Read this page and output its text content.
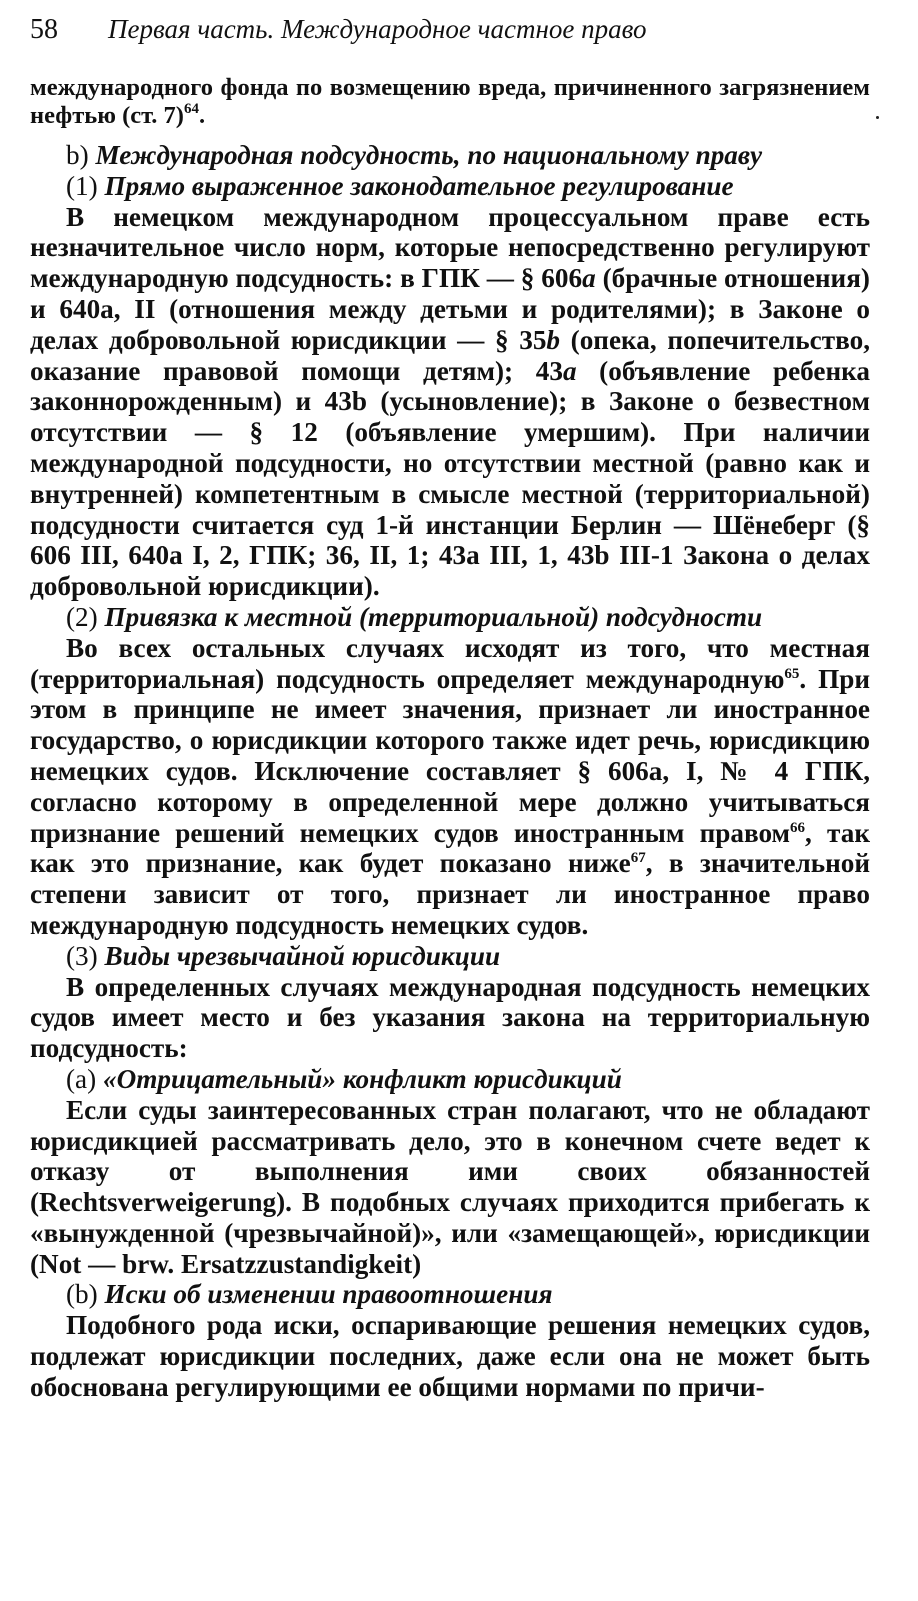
58	Первая часть. Международное частное право

международного фонда по возмещению вреда, причиненного загрязнением нефтью (ст. 7)$^{64}$.

b) Международная подсудность, по национальному праву

(1) Прямо выраженное законодательное регулирование

В немецком международном процессуальном праве есть незначительное число норм, которые непосредственно регулируют международную подсудность: в ГПК — § 606a (брачные отношения) и 640a, II (отношения между детьми и родителями); в Законе о делах добровольной юрисдикции — § 35b (опека, попечительство, оказание правовой помощи детям); 43a (объявление ребенка законнорожденным) и 43b (усыновление); в Законе о безвестном отсутствии — § 12 (объявление умершим). При наличии международной подсудности, но отсутствии местной (равно как и внутренней) компетентным в смысле местной (территориальной) подсудности считается суд 1-й инстанции Берлин — Шёнеберг (§ 606 III, 640a I, 2, ГПК; 36, II, 1; 43a III, 1, 43b III-1 Закона о делах добровольной юрисдикции).

(2) Привязка к местной (территориальной) подсудности

Во всех остальных случаях исходят из того, что местная (территориальная) подсудность определяет международную$^{65}$. При этом в принципе не имеет значения, признает ли иностранное государство, о юрисдикции которого также идет речь, юрисдикцию немецких судов. Исключение составляет § 606a, I, № 4 ГПК, согласно которому в определенной мере должно учитываться признание решений немецких судов иностранным правом$^{66}$, так как это признание, как будет показано ниже$^{67}$, в значительной степени зависит от того, признает ли иностранное право международную подсудность немецких судов.

(3) Виды чрезвычайной юрисдикции

В определенных случаях международная подсудность немецких судов имеет место и без указания закона на территориальную подсудность:

(a) «Отрицательный» конфликт юрисдикций

Если суды заинтересованных стран полагают, что не обладают юрисдикцией рассматривать дело, это в конечном счете ведет к отказу от выполнения ими своих обязанностей (Rechtsverweigerung). В подобных случаях приходится прибегать к «вынужденной (чрезвычайной)», или «замещающей», юрисдикции (Not — brw. Ersatzzustandigkeit)

(b) Иски об изменении правоотношения

Подобного рода иски, оспаривающие решения немецких судов, подлежат юрисдикции последних, даже если она не может быть обоснована регулирующими ее общими нормами по причи-
